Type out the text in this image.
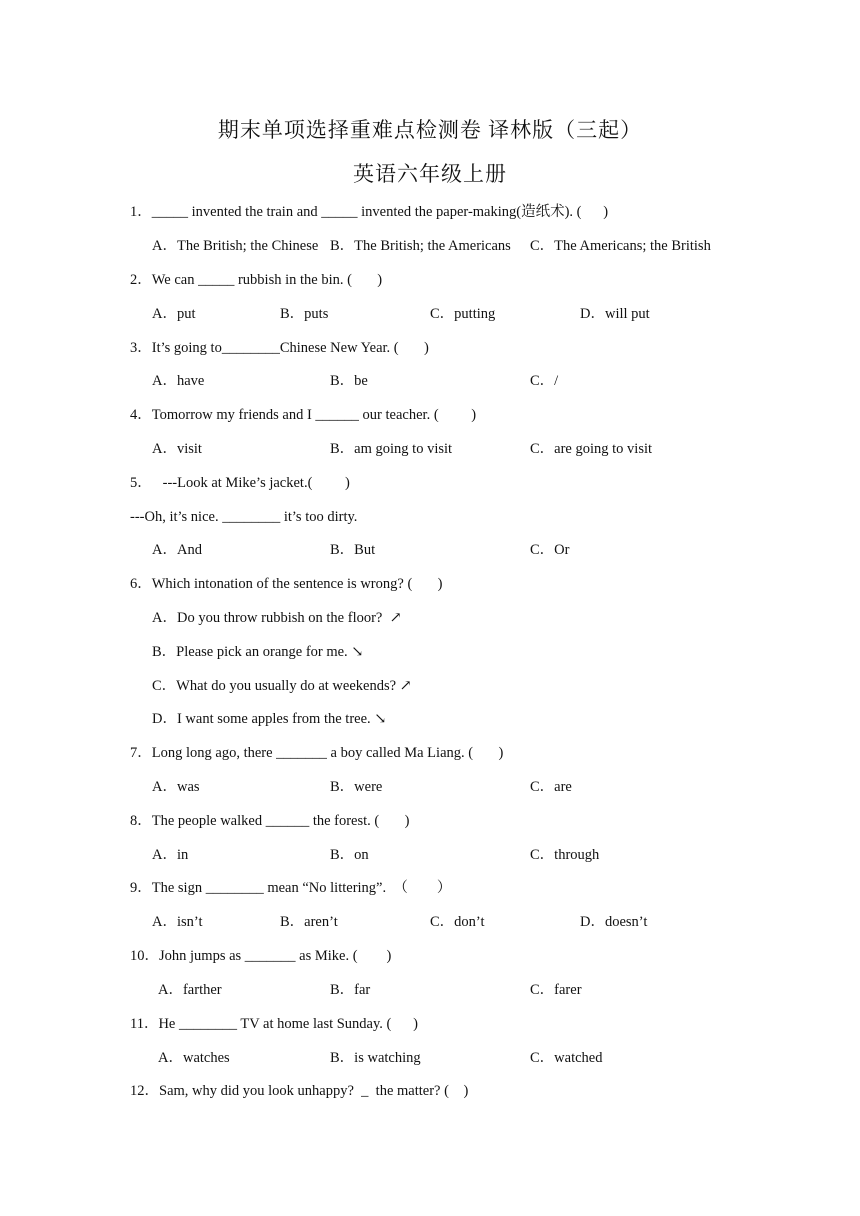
期末单项选择重难点检测卷 译林版（三起）
英语六年级上册
1．_____ invented the train and _____ invented the paper-making(造纸术). (      )
A．The British; the Chinese B．The British; the Americans C．The Americans; the British
2．We can _____ rubbish in the bin. (       )
A．put	B．puts	C．putting	D．will put
3．It’s going to________Chinese New Year. (       )
A．have	B．be	C．/
4．Tomorrow my friends and I ______ our teacher. (         )
A．visit	B．am going to visit	C．are going to visit
5．   ---Look at Mike’s jacket.(         )
---Oh, it’s nice. ________ it’s too dirty.
A．And	B．But	C．Or
6．Which intonation of the sentence is wrong? (       )
A．Do you throw rubbish on the floor?  ↗
B．Please pick an orange for me. ↘
C．What do you usually do at weekends? ↗
D．I want some apples from the tree. ↘
7．Long long ago, there _______ a boy called Ma Liang. (       )
A．was	B．were	C．are
8．The people walked ______ the forest. (       )
A．in	B．on	C．through
9．The sign ________ mean “No littering”.  （        ）
A．isn’t	B．aren’t	C．don’t	D．doesn’t
10．John jumps as _______ as Mike. (        )
A．farther	B．far	C．farer
11．He ________ TV at home last Sunday. (      )
A．watches	B．is watching	C．watched
12．Sam, why did you look unhappy?  _  the matter? (    )
